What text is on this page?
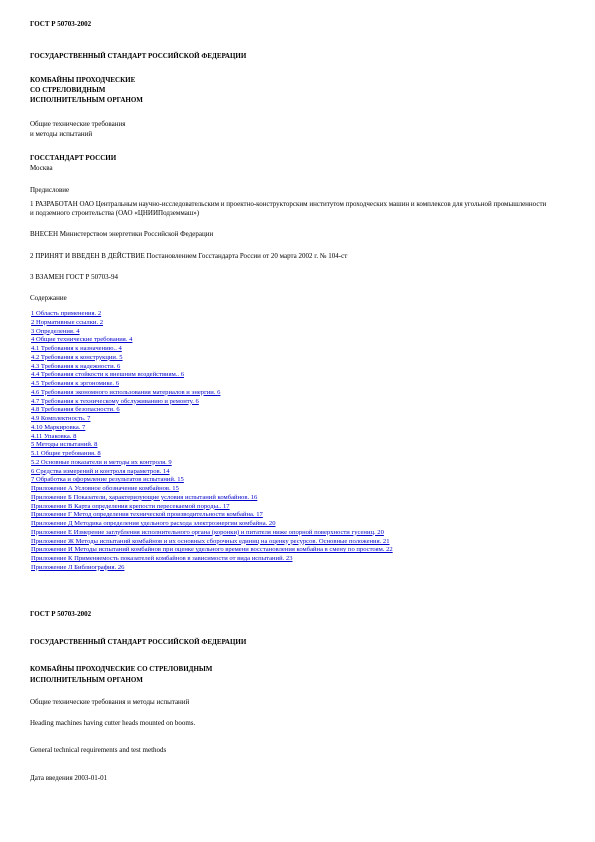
ГОСТ Р 50703-2002
ГОСУДАРСТВЕННЫЙ СТАНДАРТ РОССИЙСКОЙ ФЕДЕРАЦИИ
КОМБАЙНЫ ПРОХОДЧЕСКИЕ
СО СТРЕЛОВИДНЫМ
ИСПОЛНИТЕЛЬНЫМ ОРГАНОМ
Общие технические требования
и методы испытаний
ГОССТАНДАРТ РОССИИ
Москва
Предисловие
1 РАЗРАБОТАН ОАО Центральным научно-исследовательским и проектно-конструкторским институтом проходческих машин и комплексов для угольной промышленности и подземного строительства (ОАО «ЦНИИПодземмаш»)
ВНЕСЕН Министерством энергетики Российской Федерации
2 ПРИНЯТ И ВВЕДЕН В ДЕЙСТВИЕ Постановлением Госстандарта России от 20 марта 2002 г. № 104-ст
3 ВЗАМЕН ГОСТ Р 50703-94
Содержание
1 Область применения. 2
2 Нормативные ссылки. 2
3 Определения. 4
4 Общие технические требования. 4
4.1 Требования к назначению.. 4
4.2 Требования к конструкции. 5
4.3 Требования к надежности. 6
4.4 Требования стойкости к внешним воздействиям.. 6
4.5 Требования к эргономике. 6
4.6 Требования экономного использования материалов и энергии. 6
4.7 Требования к техническому обслуживанию и ремонту. 6
4.8 Требования безопасности. 6
4.9 Комплектность. 7
4.10 Маркировка. 7
4.11 Упаковка. 8
5 Методы испытаний. 8
5.1 Общие требования. 8
5.2 Основные показатели и методы их контроля. 9
6 Средства измерений и контроля параметров. 14
7 Обработка и оформление результатов испытаний. 15
Приложение А Условное обозначение комбайнов. 15
Приложение Б Показатели, характеризующие условия испытаний комбайнов. 16
Приложение В Карта определения крепости пересекаемой породы.. 17
Приложение Г Метод определения технической производительности комбайна. 17
Приложение Д Методика определения удельного расхода электроэнергии комбайна. 20
Приложение Е Измерение заглубления исполнительного органа (коронки) и питателя ниже опорной поверхности гусениц. 20
Приложение Ж Методы испытаний комбайнов и их основных сборочных единиц на оценку ресурсов. Основные положения. 21
Приложение И Методы испытаний комбайнов при оценке удельного времени восстановления комбайна в смену по простоям. 22
Приложение К Применяемость показателей комбайнов в зависимости от вида испытаний. 23
Приложение Л Библиография. 26
ГОСТ Р 50703-2002
ГОСУДАРСТВЕННЫЙ СТАНДАРТ РОССИЙСКОЙ ФЕДЕРАЦИИ
КОМБАЙНЫ ПРОХОДЧЕСКИЕ СО СТРЕЛОВИДНЫМ
ИСПОЛНИТЕЛЬНЫМ ОРГАНОМ
Общие технические требования и методы испытаний
Heading machines having cutter heads mounted on booms.
General technical requirements and test methods
Дата введения 2003-01-01
